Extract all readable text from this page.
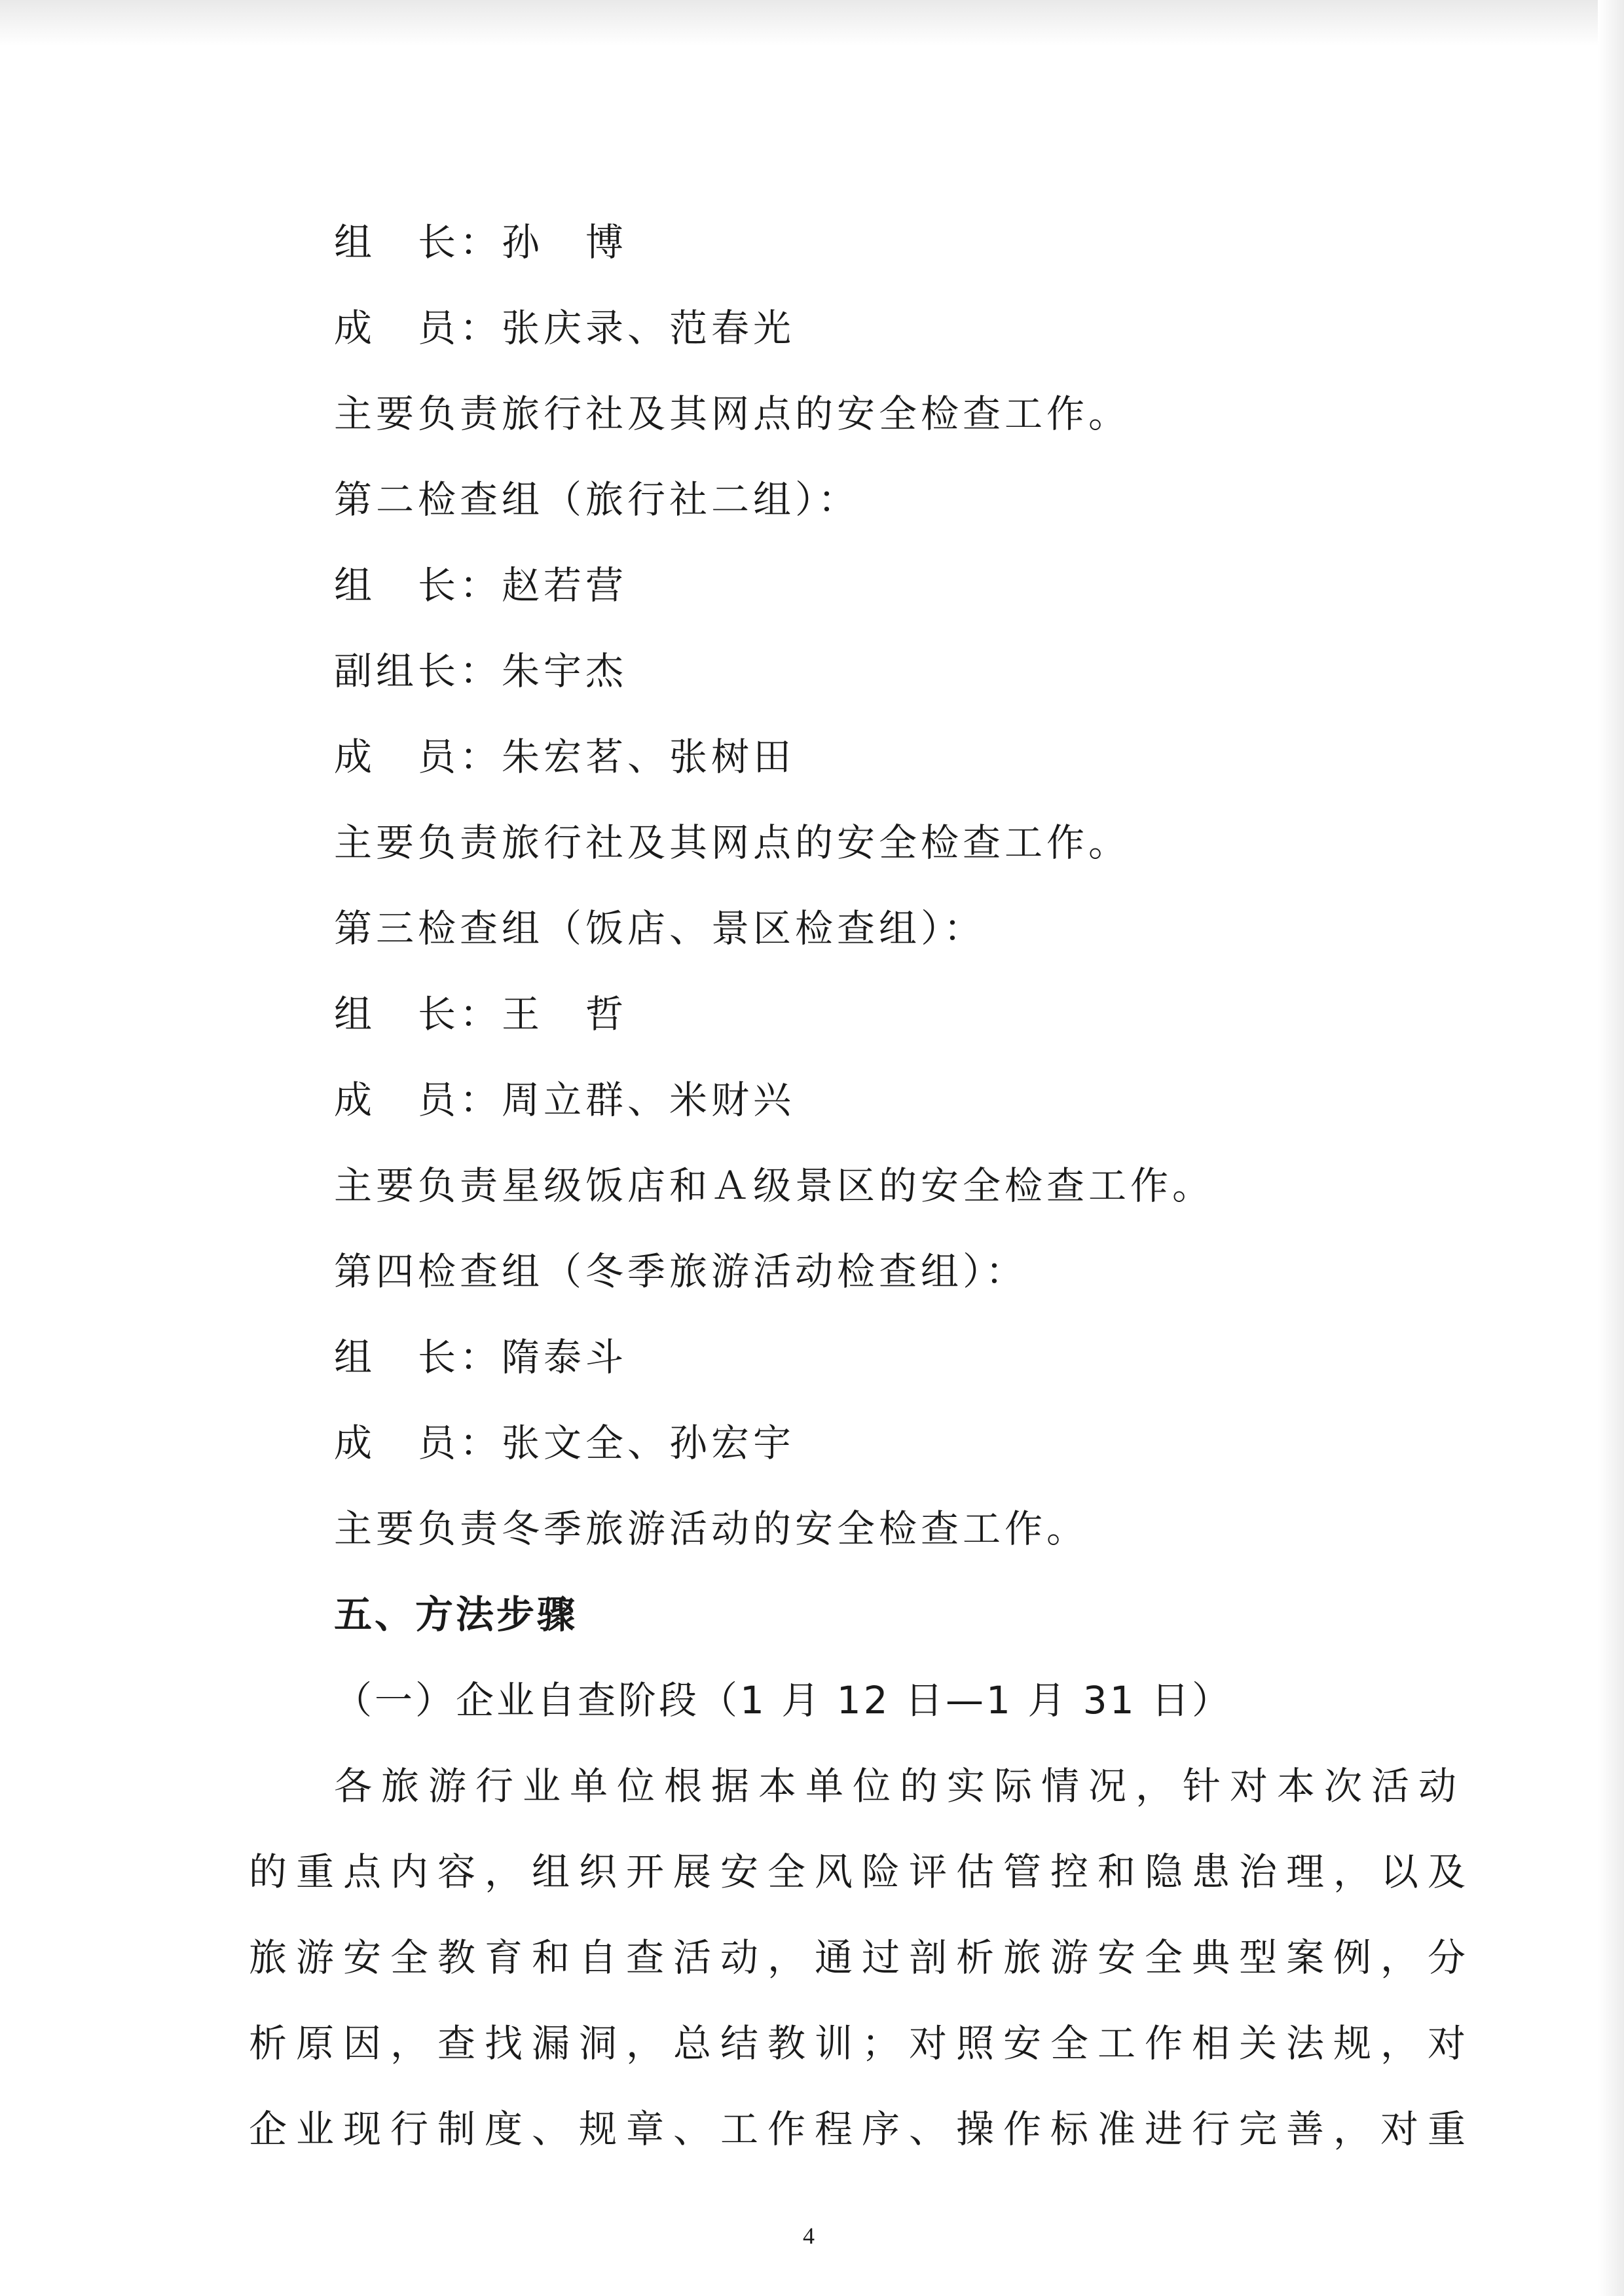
组　长：孙　博
成　员：张庆录、范春光
主要负责旅行社及其网点的安全检查工作。
第二检查组（旅行社二组）：
组　长：赵若营
副组长：朱宇杰
成　员：朱宏茗、张树田
主要负责旅行社及其网点的安全检查工作。
第三检查组（饭店、景区检查组）：
组　长：王　哲
成　员：周立群、米财兴
主要负责星级饭店和Ａ级景区的安全检查工作。
第四检查组（冬季旅游活动检查组）：
组　长：隋泰斗
成　员：张文全、孙宏宇
主要负责冬季旅游活动的安全检查工作。
五、方法步骤
（一）企业自查阶段（1 月 12 日—1 月 31 日）
各旅游行业单位根据本单位的实际情况，针对本次活动
的重点内容，组织开展安全风险评估管控和隐患治理，以及
旅游安全教育和自查活动，通过剖析旅游安全典型案例，分
析原因，查找漏洞，总结教训；对照安全工作相关法规，对
企业现行制度、规章、工作程序、操作标准进行完善，对重
4
